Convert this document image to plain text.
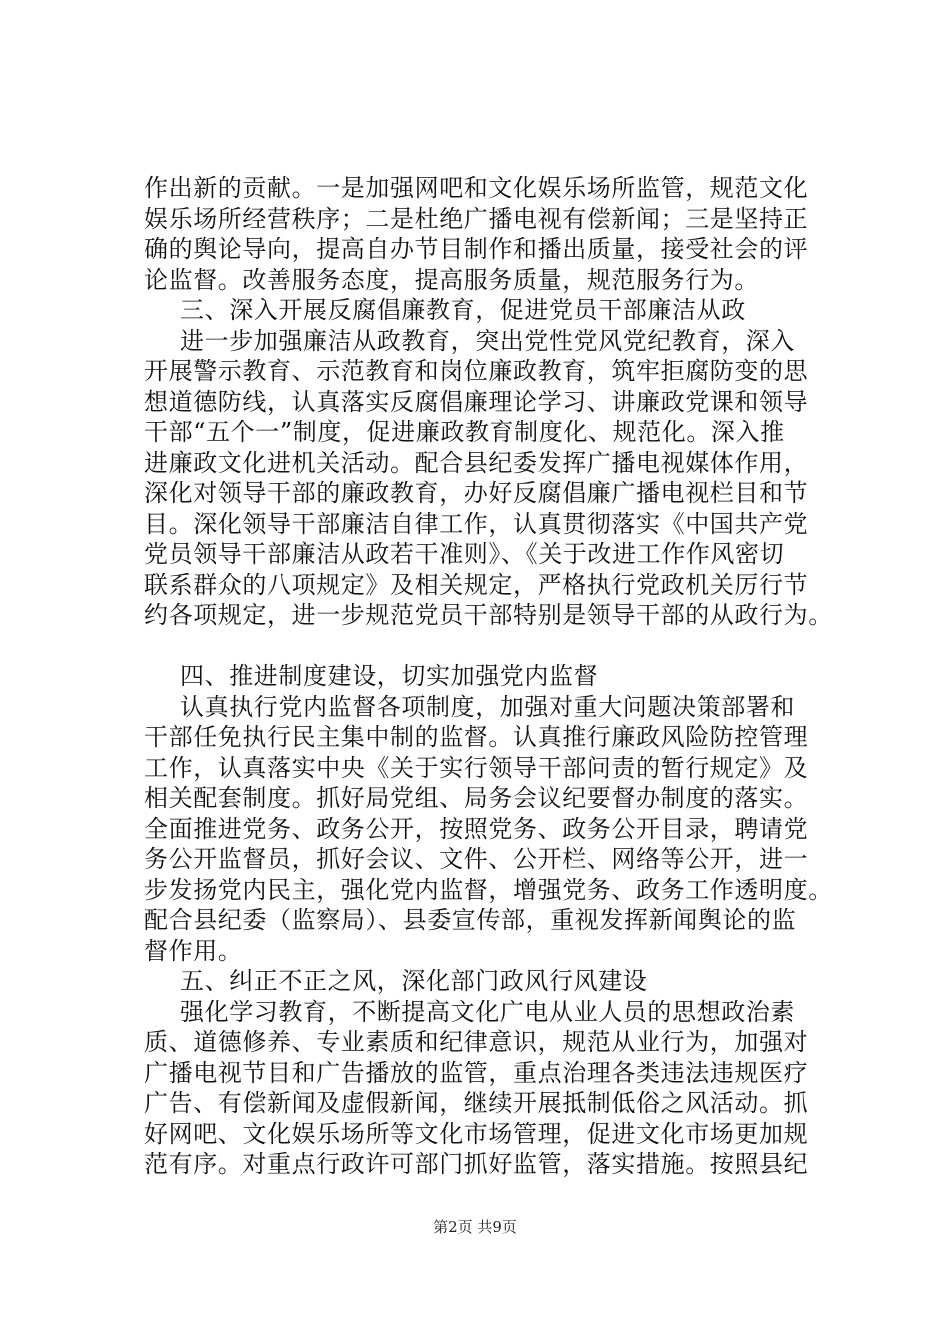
作出新的贡献。一是加强网吧和文化娱乐场所监管，规范文化
娱乐场所经营秩序；二是杜绝广播电视有偿新闻；三是坚持正
确的舆论导向，提高自办节目制作和播出质量，接受社会的评
论监督。改善服务态度，提高服务质量，规范服务行为。
三、深入开展反腐倡廉教育，促进党员干部廉洁从政
进一步加强廉洁从政教育，突出党性党风党纪教育，深入
开展警示教育、示范教育和岗位廉政教育，筑牢拒腐防变的思
想道德防线，认真落实反腐倡廉理论学习、讲廉政党课和领导
干部“五个一”制度，促进廉政教育制度化、规范化。深入推
进廉政文化进机关活动。配合县纪委发挥广播电视媒体作用，
深化对领导干部的廉政教育，办好反腐倡廉广播电视栏目和节
目。深化领导干部廉洁自律工作，认真贯彻落实《中国共产党
党员领导干部廉洁从政若干准则》、《关于改进工作作风密切
联系群众的八项规定》及相关规定，严格执行党政机关厉行节
约各项规定，进一步规范党员干部特别是领导干部的从政行为。
四、推进制度建设，切实加强党内监督
认真执行党内监督各项制度，加强对重大问题决策部署和
干部任免执行民主集中制的监督。认真推行廉政风险防控管理
工作，认真落实中央《关于实行领导干部问责的暂行规定》及
相关配套制度。抓好局党组、局务会议纪要督办制度的落实。
全面推进党务、政务公开，按照党务、政务公开目录，聘请党
务公开监督员，抓好会议、文件、公开栏、网络等公开，进一
步发扬党内民主，强化党内监督，增强党务、政务工作透明度。
配合县纪委（监察局）、县委宣传部，重视发挥新闻舆论的监
督作用。
五、纠正不正之风，深化部门政风行风建设
强化学习教育，不断提高文化广电从业人员的思想政治素
质、道德修养、专业素质和纪律意识，规范从业行为，加强对
广播电视节目和广告播放的监管，重点治理各类违法违规医疗
广告、有偿新闻及虚假新闻，继续开展抵制低俗之风活动。抓
好网吧、文化娱乐场所等文化市场管理，促进文化市场更加规
范有序。对重点行政许可部门抓好监管，落实措施。按照县纪
第2页 共9页
